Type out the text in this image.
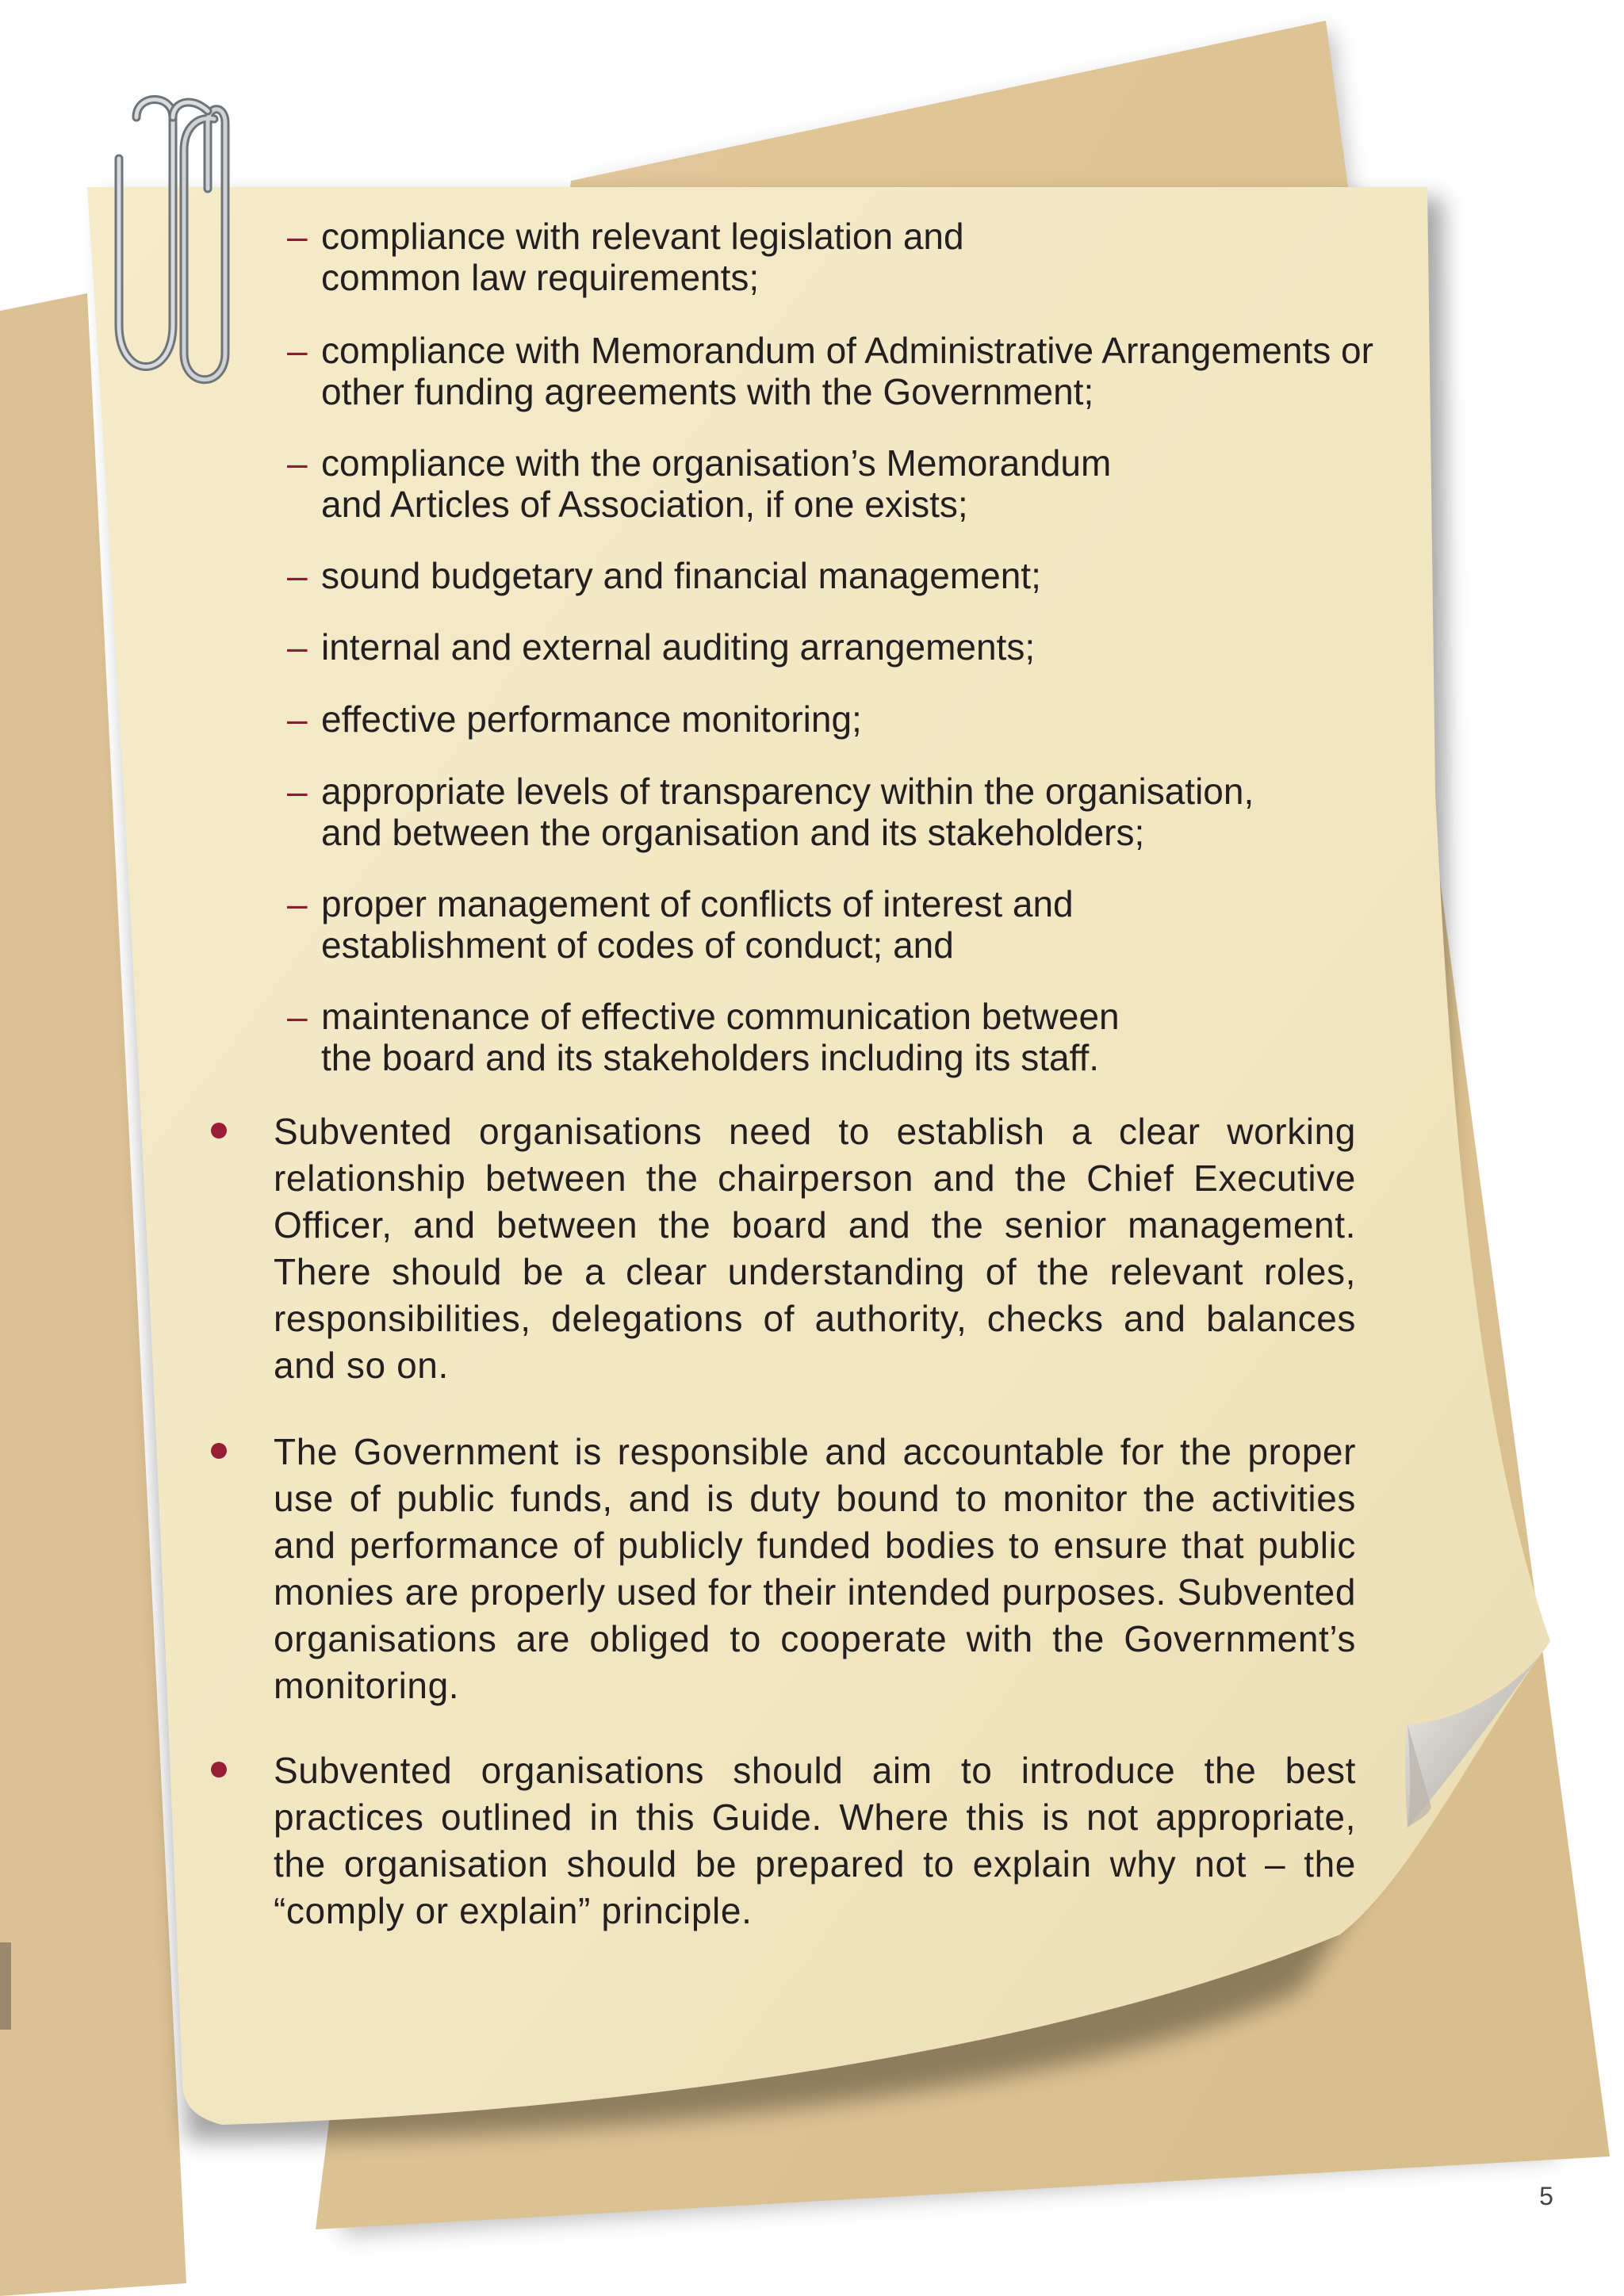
– compliance with relevant legislation and common law requirements;
– compliance with Memorandum of Administrative Arrangements or other funding agreements with the Government;
– compliance with the organisation’s Memorandum and Articles of Association, if one exists;
– sound budgetary and financial management;
– internal and external auditing arrangements;
– effective performance monitoring;
– appropriate levels of transparency within the organisation, and between the organisation and its stakeholders;
– proper management of conflicts of interest and establishment of codes of conduct; and
– maintenance of effective communication between the board and its stakeholders including its staff.
Subvented organisations need to establish a clear working relationship between the chairperson and the Chief Executive Officer, and between the board and the senior management. There should be a clear understanding of the relevant roles, responsibilities, delegations of authority, checks and balances and so on.
The Government is responsible and accountable for the proper use of public funds, and is duty bound to monitor the activities and performance of publicly funded bodies to ensure that public monies are properly used for their intended purposes. Subvented organisations are obliged to cooperate with the Government’s monitoring.
Subvented organisations should aim to introduce the best practices outlined in this Guide. Where this is not appropriate, the organisation should be prepared to explain why not – the “comply or explain” principle.
5
